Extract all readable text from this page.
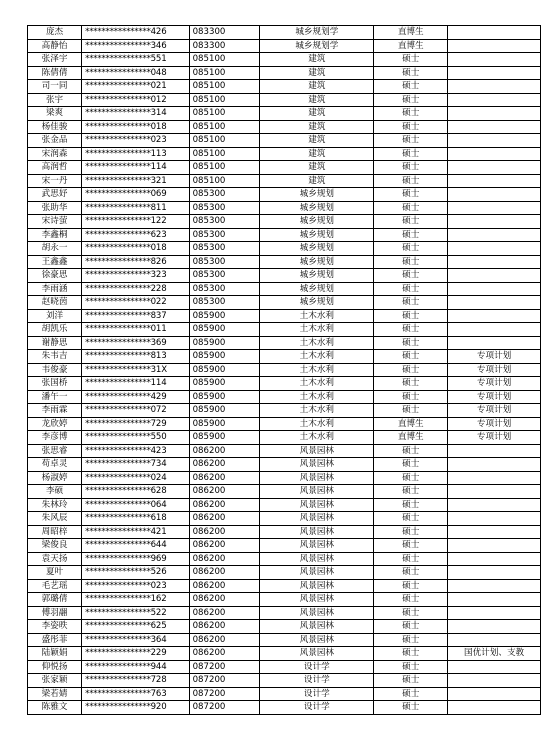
庞杰	****************426	083300	城乡规划学	直博生	
高静怡	****************346	083300	城乡规划学	直博生	
张泽宇	****************551	085100	建筑	硕士	
陈倩倩	****************048	085100	建筑	硕士	
司一同	****************021	085100	建筑	硕士	
张宇	****************012	085100	建筑	硕士	
梁爽	****************314	085100	建筑	硕士	
杨佳骏	****************018	085100	建筑	硕士	
张金品	****************023	085100	建筑	硕士	
宋润森	****************113	085100	建筑	硕士	
高润哲	****************114	085100	建筑	硕士	
宋一丹	****************321	085100	建筑	硕士	
武思妤	****************069	085300	城乡规划	硕士	
张助华	****************811	085300	城乡规划	硕士	
宋诗萤	****************122	085300	城乡规划	硕士	
李鑫桐	****************623	085300	城乡规划	硕士	
胡永一	****************018	085300	城乡规划	硕士	
王鑫鑫	****************826	085300	城乡规划	硕士	
徐豪思	****************323	085300	城乡规划	硕士	
李雨涵	****************228	085300	城乡规划	硕士	
赵晓茵	****************022	085300	城乡规划	硕士	
刘洋	****************837	085900	土木水利	硕士	
胡凯乐	****************011	085900	土木水利	硕士	
谢静思	****************369	085900	土木水利	硕士	
朱韦吉	****************813	085900	土木水利	硕士	专项计划
韦俊豪	****************31X	085900	土木水利	硕士	专项计划
张国桥	****************114	085900	土木水利	硕士	专项计划
潘午一	****************429	085900	土木水利	硕士	专项计划
李雨霖	****************072	085900	土木水利	硕士	专项计划
龙欣婷	****************729	085900	土木水利	直博生	专项计划
李彦博	****************550	085900	土木水利	直博生	专项计划
张思睿	****************423	086200	风景园林	硕士	
苟卓灵	****************734	086200	风景园林	硕士	
杨淑婷	****************024	086200	风景园林	硕士	
李硕	****************628	086200	风景园林	硕士	
朱林玲	****************064	086200	风景园林	硕士	
朱风辰	****************618	086200	风景园林	硕士	
周昭梓	****************421	086200	风景园林	硕士	
梁俊良	****************644	086200	风景园林	硕士	
袁天扬	****************969	086200	风景园林	硕士	
夏叶	****************526	086200	风景园林	硕士	
毛艺瑶	****************023	086200	风景园林	硕士	
郭璐倩	****************162	086200	风景园林	硕士	
傅羽翮	****************522	086200	风景园林	硕士	
李姿昳	****************625	086200	风景园林	硕士	
盛彤菲	****************364	086200	风景园林	硕士	
陆颖娟	****************229	086200	风景园林	硕士	国优计划、支教
仰悦扬	****************944	087200	设计学	硕士	
张家颖	****************728	087200	设计学	硕士	
梁若婧	****************763	087200	设计学	硕士	
陈雅文	****************920	087200	设计学	硕士	
